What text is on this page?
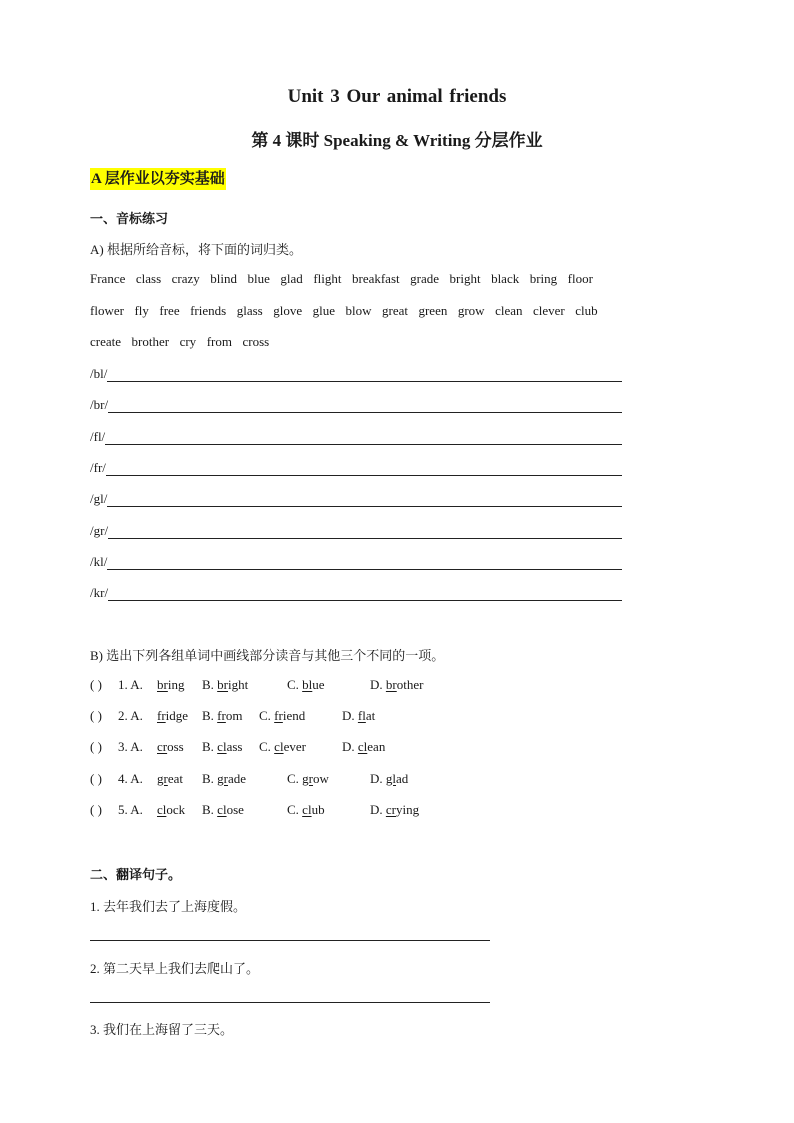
Unit 3 Our animal friends
第 4 课时 Speaking & Writing 分层作业
A 层作业以夯实基础
一、音标练习
A) 根据所给音标，将下面的词归类。
France class crazy blind blue glad flight breakfast grade bright black bring floor
flower fly free friends glass glove glue blow great green grow clean clever club
create brother cry from cross
/bl/
/br/
/fl/
/fr/
/gl/
/gr/
/kl/
/kr/
B) 选出下列各组单词中画线部分读音与其他三个不同的一项。
( ) 1. A. bring B. bright	C. blue	D. brother
( ) 2. A. fridge B. from C. friend	D. flat
( ) 3. A. cross B. class C. clever	D. clean
( ) 4. A. great B. grade	C. grow	D. glad
( ) 5. A. clock B. close	C. club	D. crying
二、翻译句子。
1. 去年我们去了上海度假。
2. 第二天早上我们去爬山了。
3. 我们在上海留了三天。
